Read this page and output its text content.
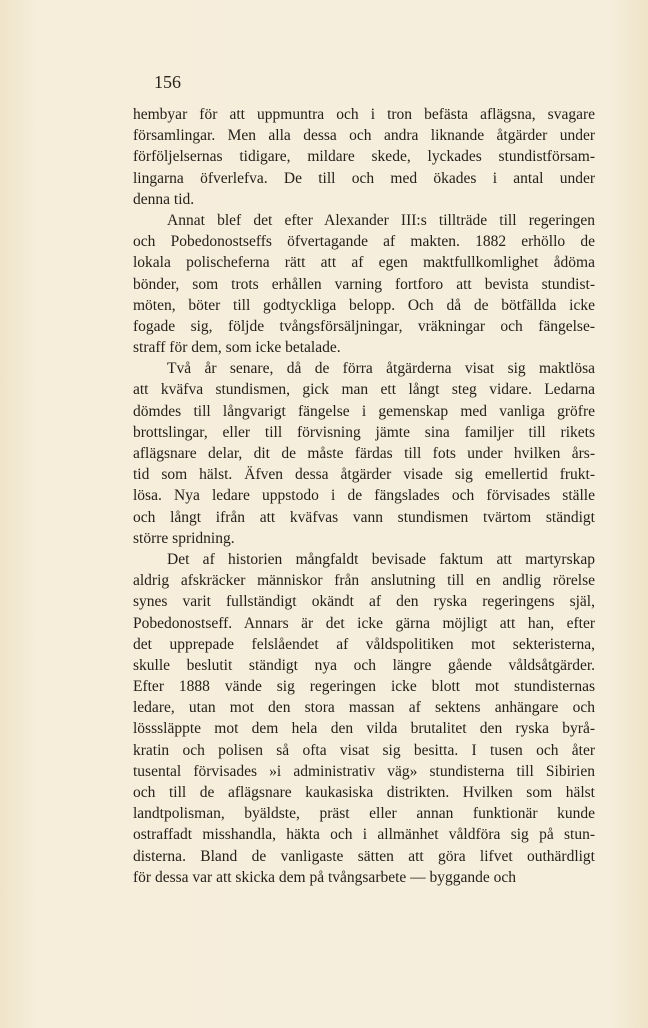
156

hembyar för att uppmuntra och i tron befästa aflägsna, svagare
församlingar. Men alla dessa och andra liknande åtgärder under
förföljelsernas tidigare, mildare skede, lyckades stundistförsam-
lingarna öfverlefva. De till och med ökades i antal under
denna tid.
Annat blef det efter Alexander III:s tillträde till regeringen
och Pobedonostseffs öfvertagande af makten. 1882 erhöllo de
lokala polischeferna rätt att af egen maktfullkomlighet ådöma
bönder, som trots erhållen varning fortforo att bevista stundist-
möten, böter till godtyckliga belopp. Och då de bötfällda icke
fogade sig, följde tvångsförsäljningar, vräkningar och fängelse-
straff för dem, som icke betalade.
Två år senare, då de förra åtgärderna visat sig maktlösa
att kväfva stundismen, gick man ett långt steg vidare. Ledarna
dömdes till långvarigt fängelse i gemenskap med vanliga gröfre
brottslingar, eller till förvisning jämte sina familjer till rikets
aflägsnare delar, dit de måste färdas till fots under hvilken års-
tid som hälst. Äfven dessa åtgärder visade sig emellertid frukt-
lösa. Nya ledare uppstodo i de fängslades och förvisades ställe
och långt ifrån att kväfvas vann stundismen tvärtom ständigt
större spridning.
Det af historien mångfaldt bevisade faktum att martyrskap
aldrig afskräcker människor från anslutning till en andlig rörelse
synes varit fullständigt okändt af den ryska regeringens själ,
Pobedonostseff. Annars är det icke gärna möjligt att han, efter
det upprepade felslåendet af våldspolitiken mot sekteristerna,
skulle beslutit ständigt nya och längre gående våldsåtgärder.
Efter 1888 vände sig regeringen icke blott mot stundisternas
ledare, utan mot den stora massan af sektens anhängare och
lösssläppte mot dem hela den vilda brutalitet den ryska byrå-
kratin och polisen så ofta visat sig besitta. I tusen och åter
tusental förvisades »i administrativ väg» stundisterna till Sibirien
och till de aflägsnare kaukasiska distrikten. Hvilken som hälst
landtpolisman, byäldste, präst eller annan funktionär kunde
ostraffadt misshandla, häkta och i allmänhet våldföra sig på stun-
disterna. Bland de vanligaste sätten att göra lifvet outhärdligt
för dessa var att skicka dem på tvångsarbete — byggande och
